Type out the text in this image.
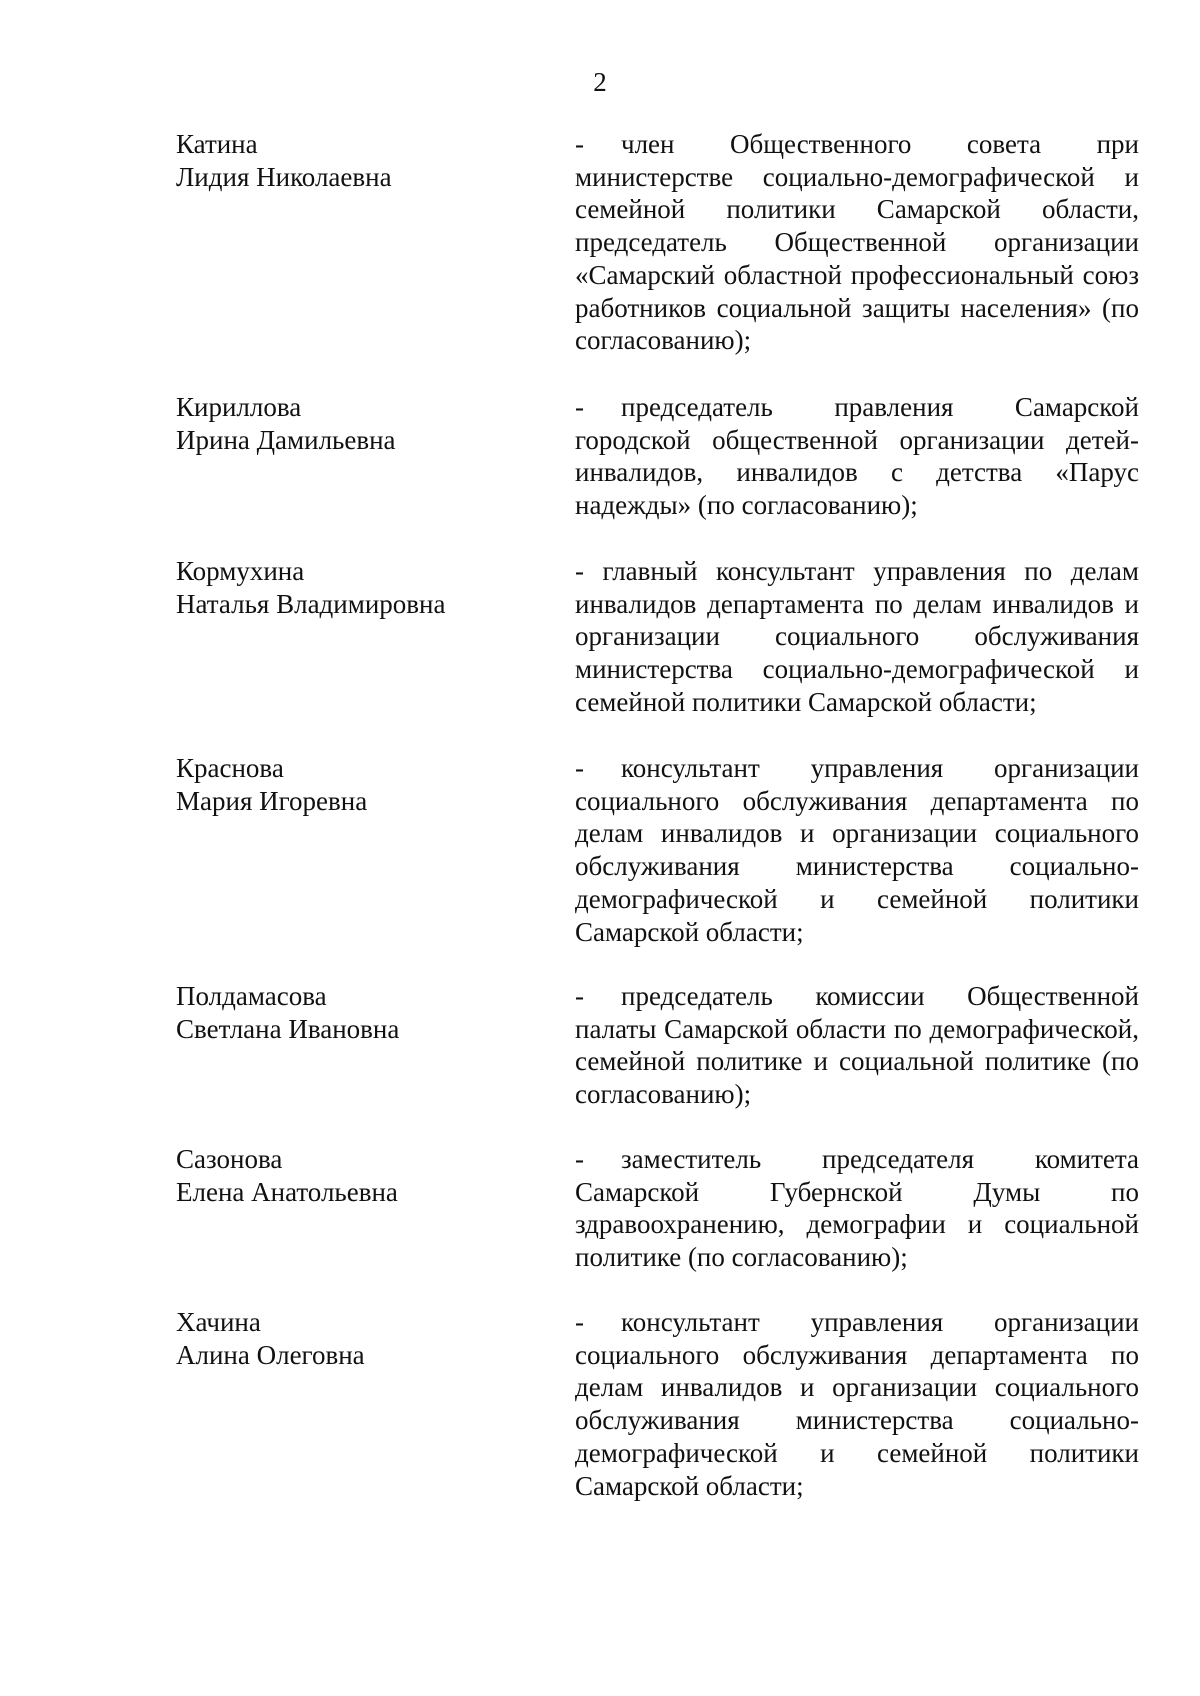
2
Катина
Лидия Николаевна
- член Общественного совета при министерстве социально-демографической и семейной политики Самарской области, председатель Общественной организации «Самарский областной профессиональный союз работников социальной защиты населения» (по согласованию);
Кириллова
Ирина Дамильевна
- председатель правления Самарской городской общественной организации детей-инвалидов, инвалидов с детства «Парус надежды» (по согласованию);
Кормухина
Наталья Владимировна
- главный консультант управления по делам инвалидов департамента по делам инвалидов и организации социального обслуживания министерства социально-демографической и семейной политики Самарской области;
Краснова
Мария Игоревна
- консультант управления организации социального обслуживания департамента по делам инвалидов и организации социального обслуживания министерства социально-демографической и семейной политики Самарской области;
Полдамасова
Светлана Ивановна
- председатель комиссии Общественной палаты Самарской области по демографической, семейной политике и социальной политике (по согласованию);
Сазонова
Елена Анатольевна
- заместитель председателя комитета Самарской Губернской Думы по здравоохранению, демографии и социальной политике (по согласованию);
Хачина
Алина Олеговна
- консультант управления организации социального обслуживания департамента по делам инвалидов и организации социального обслуживания министерства социально-демографической и семейной политики Самарской области;
